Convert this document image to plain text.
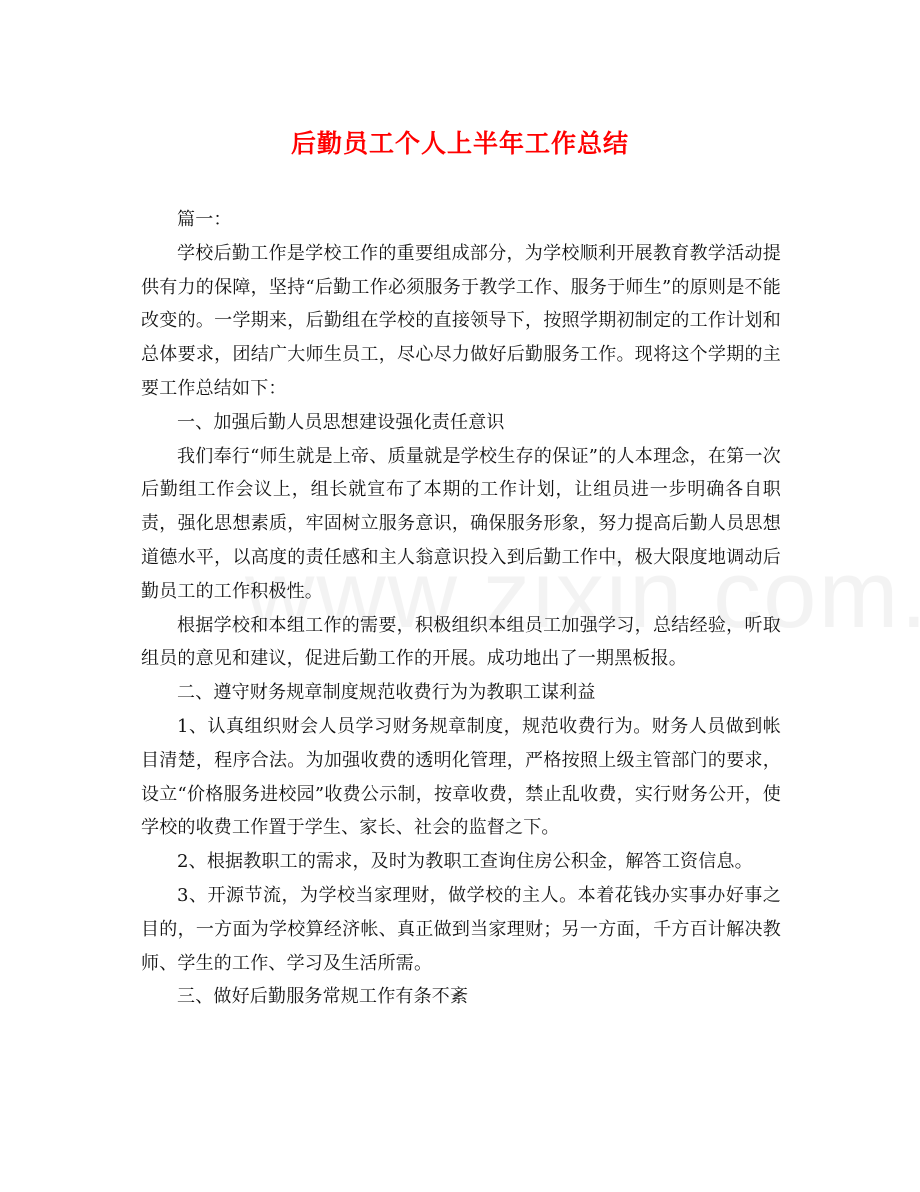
后勤员工个人上半年工作总结

篇一：

学校后勤工作是学校工作的重要组成部分，为学校顺利开展教育教学活动提供有力的保障，坚持“后勤工作必须服务于教学工作、服务于师生”的原则是不能改变的。一学期来，后勤组在学校的直接领导下，按照学期初制定的工作计划和总体要求，团结广大师生员工，尽心尽力做好后勤服务工作。现将这个学期的主要工作总结如下：

一、加强后勤人员思想建设强化责任意识

我们奉行“师生就是上帝、质量就是学校生存的保证”的人本理念，在第一次后勤组工作会议上，组长就宣布了本期的工作计划，让组员进一步明确各自职责，强化思想素质，牢固树立服务意识，确保服务形象，努力提高后勤人员思想道德水平，以高度的责任感和主人翁意识投入到后勤工作中，极大限度地调动后勤员工的工作积极性。

根据学校和本组工作的需要，积极组织本组员工加强学习，总结经验，听取组员的意见和建议，促进后勤工作的开展。成功地出了一期黑板报。

二、遵守财务规章制度规范收费行为为教职工谋利益

1、认真组织财会人员学习财务规章制度，规范收费行为。财务人员做到帐目清楚，程序合法。为加强收费的透明化管理，严格按照上级主管部门的要求，设立“价格服务进校园”收费公示制，按章收费，禁止乱收费，实行财务公开，使学校的收费工作置于学生、家长、社会的监督之下。

2、根据教职工的需求，及时为教职工查询住房公积金，解答工资信息。

3、开源节流，为学校当家理财，做学校的主人。本着花钱办实事办好事之目的，一方面为学校算经济帐、真正做到当家理财；另一方面，千方百计解决教师、学生的工作、学习及生活所需。

三、做好后勤服务常规工作有条不紊
